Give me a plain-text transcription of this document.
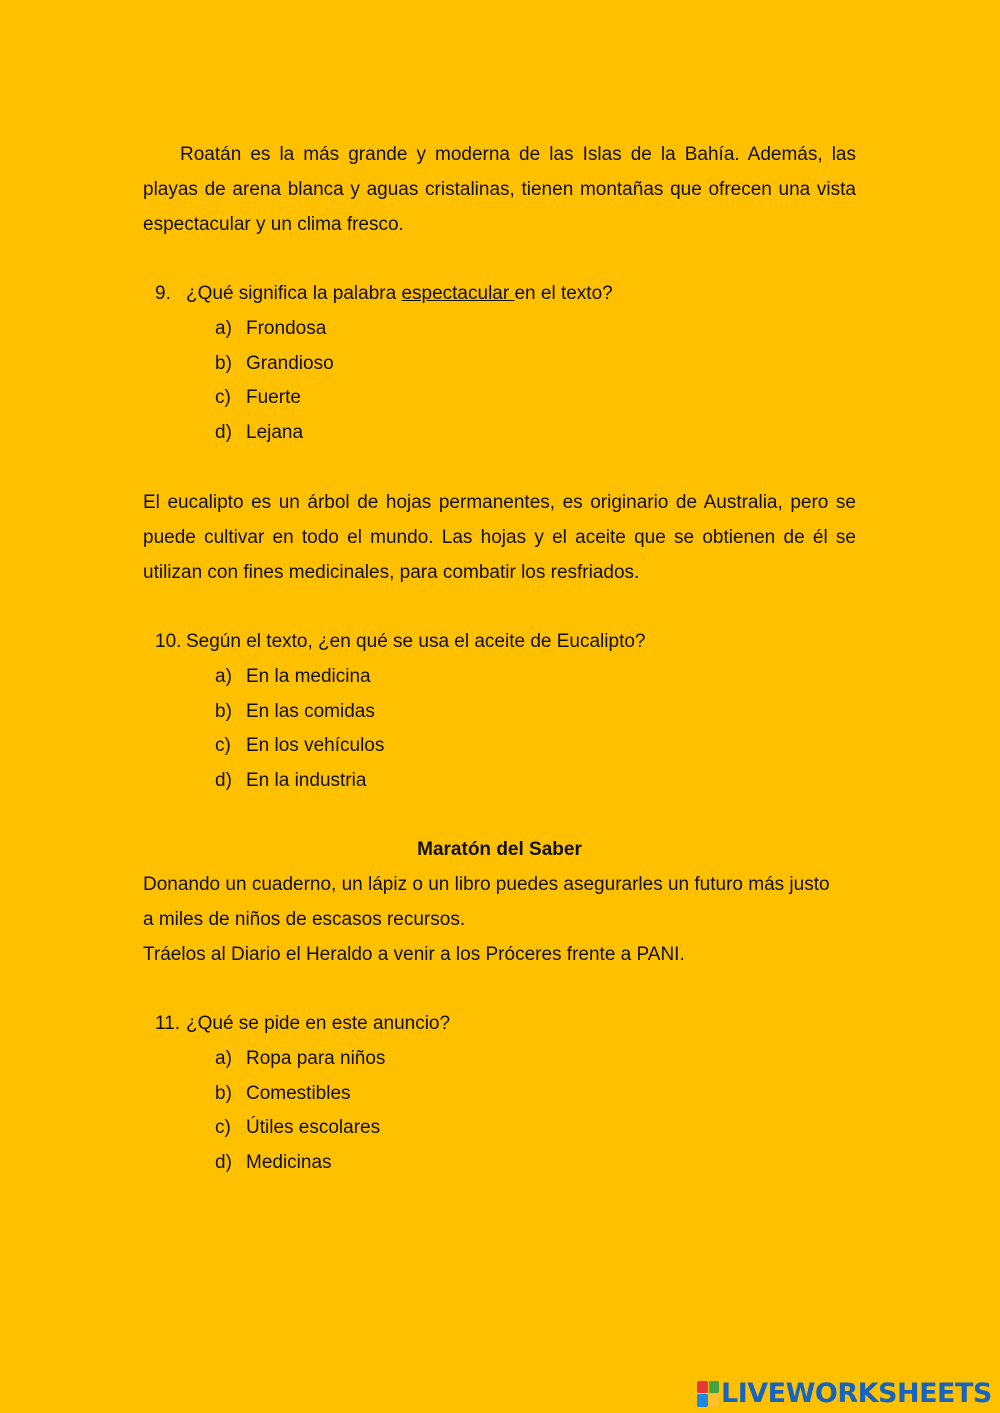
Roatán es la más grande y moderna de las Islas de la Bahía. Además, las playas de arena blanca y aguas cristalinas, tienen montañas que ofrecen una vista espectacular y un clima fresco.

9. ¿Qué significa la palabra espectacular en el texto?
a) Frondosa
b) Grandioso
c) Fuerte
d) Lejana

El eucalipto es un árbol de hojas permanentes, es originario de Australia, pero se puede cultivar en todo el mundo. Las hojas y el aceite que se obtienen de él se utilizan con fines medicinales, para combatir los resfriados.

10. Según el texto, ¿en qué se usa el aceite de Eucalipto?
a) En la medicina
b) En las comidas
c) En los vehículos
d) En la industria
Maratón del Saber
Donando un cuaderno, un lápiz o un libro puedes asegurarles un futuro más justo
a miles de niños de escasos recursos.
Tráelos al Diario el Heraldo a venir a los Próceres frente a PANI.
11. ¿Qué se pide en este anuncio?
a) Ropa para niños
b) Comestibles
c) Útiles escolares
d) Medicinas
LIVEWORKSHEETS
